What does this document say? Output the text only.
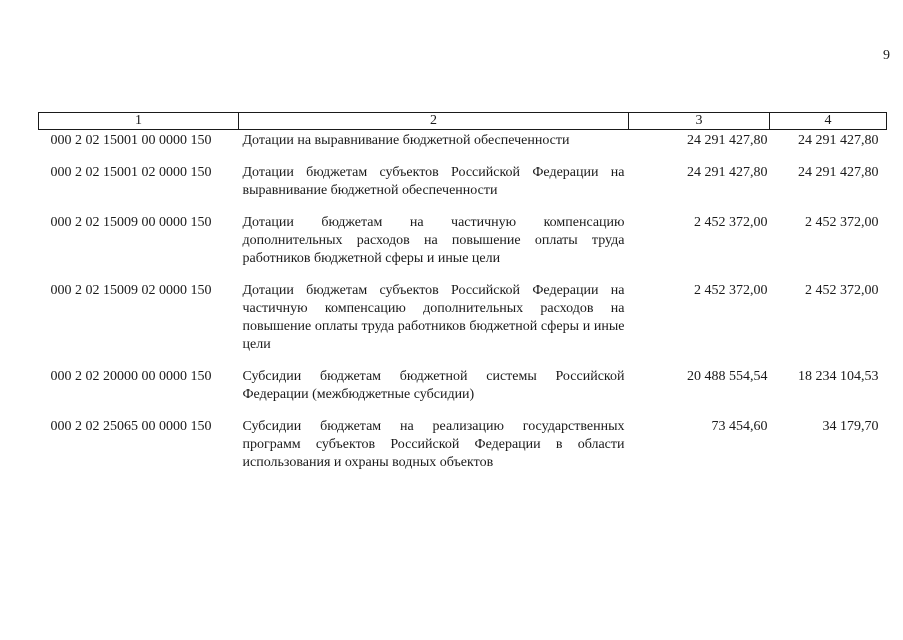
9
1	2	3	4
000 2 02 15001 00 0000 150	Дотации на выравнивание бюджетной обеспеченности	24 291 427,80	24 291 427,80
000 2 02 15001 02 0000 150	Дотации бюджетам субъектов Российской Федерации на выравнивание бюджетной обеспеченности	24 291 427,80	24 291 427,80
000 2 02 15009 00 0000 150	Дотации бюджетам на частичную компенсацию дополнительных расходов на повышение оплаты труда работников бюджетной сферы и иные цели	2 452 372,00	2 452 372,00
000 2 02 15009 02 0000 150	Дотации бюджетам субъектов Российской Федерации на частичную компенсацию дополнительных расходов на повышение оплаты труда работников бюджетной сферы и иные цели	2 452 372,00	2 452 372,00
000 2 02 20000 00 0000 150	Субсидии бюджетам бюджетной системы Российской Федерации (межбюджетные субсидии)	20 488 554,54	18 234 104,53
000 2 02 25065 00 0000 150	Субсидии бюджетам на реализацию государственных программ субъектов Российской Федерации в области использования и охраны водных объектов	73 454,60	34 179,70
